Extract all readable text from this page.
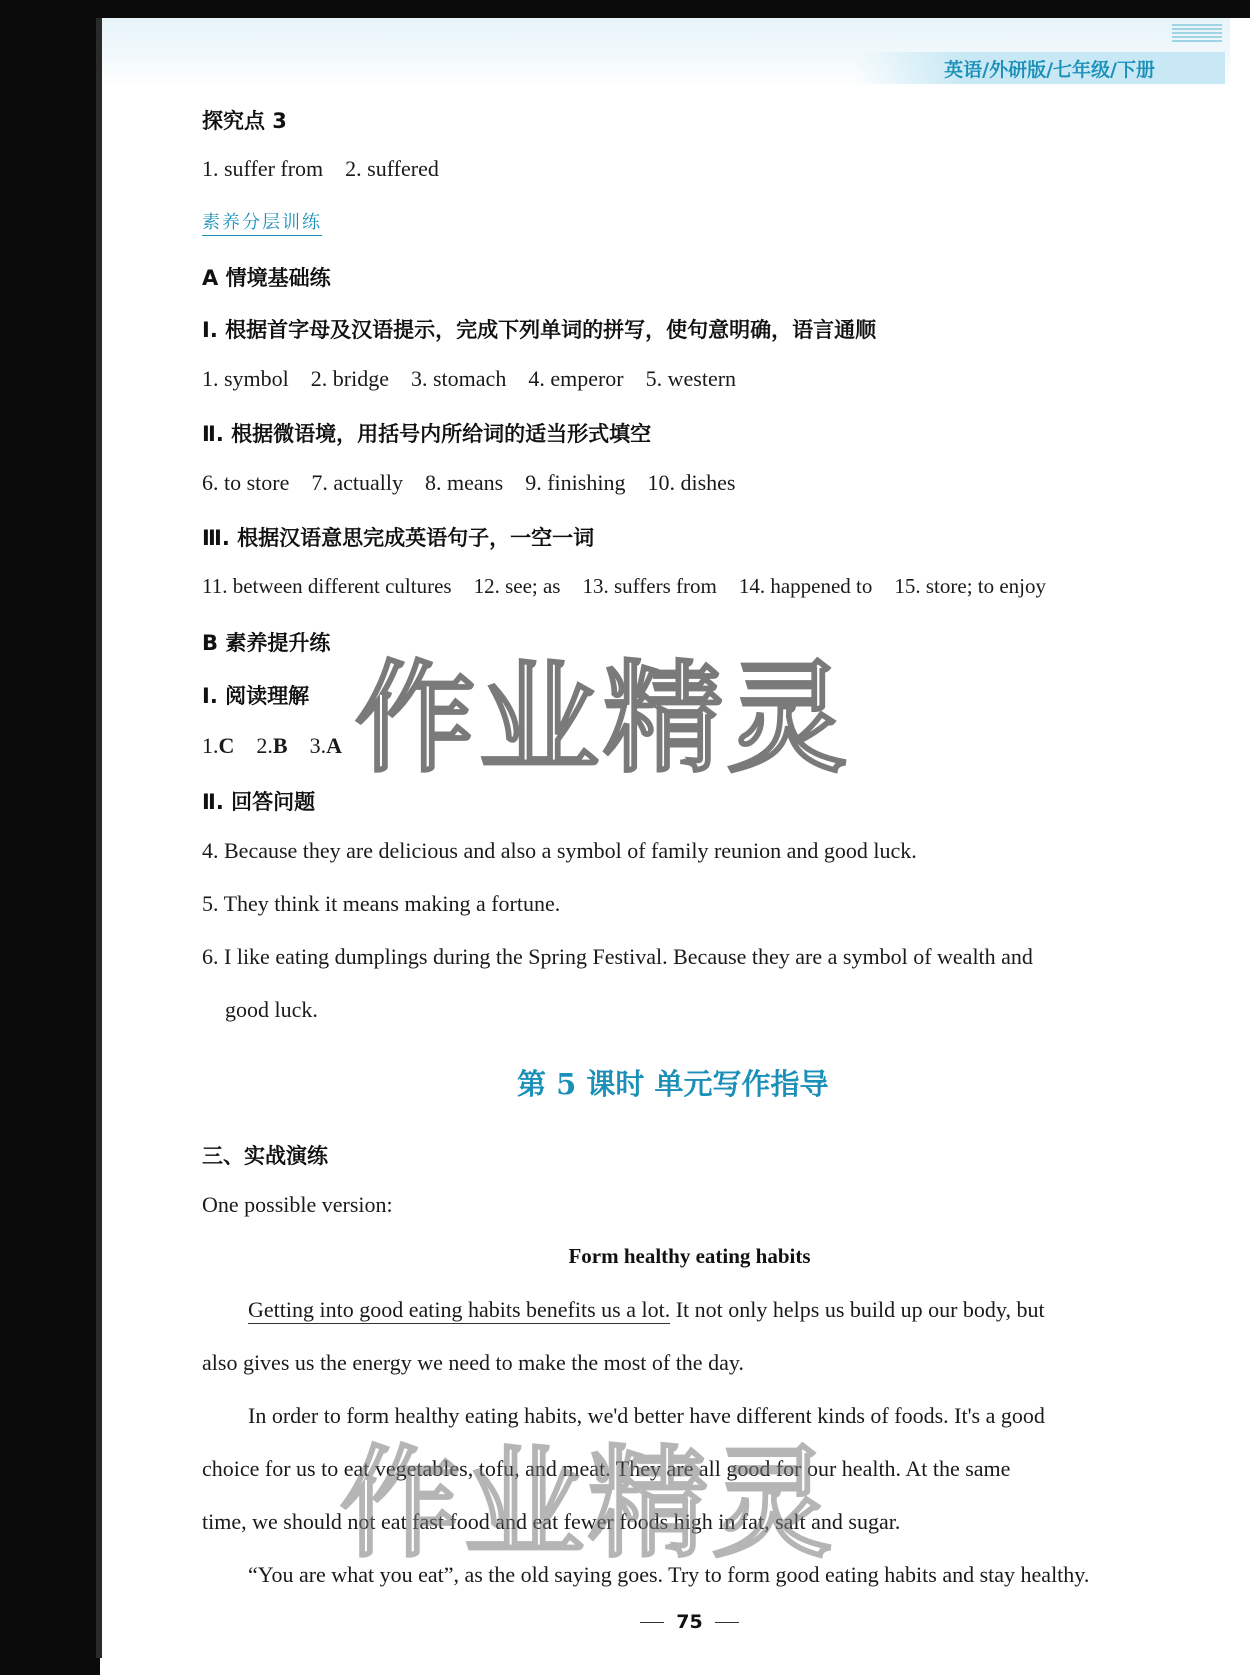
英语/外研版/七年级/下册
探究点 3
1. suffer from 2. suffered
素养分层训练
A 情境基础练
Ⅰ. 根据首字母及汉语提示，完成下列单词的拼写，使句意明确，语言通顺
1. symbol 2. bridge 3. stomach 4. emperor 5. western
Ⅱ. 根据微语境，用括号内所给词的适当形式填空
6. to store 7. actually 8. means 9. finishing 10. dishes
Ⅲ. 根据汉语意思完成英语句子，一空一词
11. between different cultures 12. see; as 13. suffers from 14. happened to 15. store; to enjoy
B 素养提升练
Ⅰ. 阅读理解
1.C 2.B 3.A
Ⅱ. 回答问题
4. Because they are delicious and also a symbol of family reunion and good luck.
5. They think it means making a fortune.
6. I like eating dumplings during the Spring Festival. Because they are a symbol of wealth and
good luck.
三、实战演练
One possible version:
Form healthy eating habits
Getting into good eating habits benefits us a lot. It not only helps us build up our body, but
also gives us the energy we need to make the most of the day.
In order to form healthy eating habits, we'd better have different kinds of foods. It's a good
choice for us to eat vegetables, tofu, and meat. They are all good for our health. At the same
time, we should not eat fast food and eat fewer foods high in fat, salt and sugar.
“You are what you eat”, as the old saying goes. Try to form good eating habits and stay healthy.
75
第 5 课时 单元写作指导
作 业 精 灵
作 业 精 灵
